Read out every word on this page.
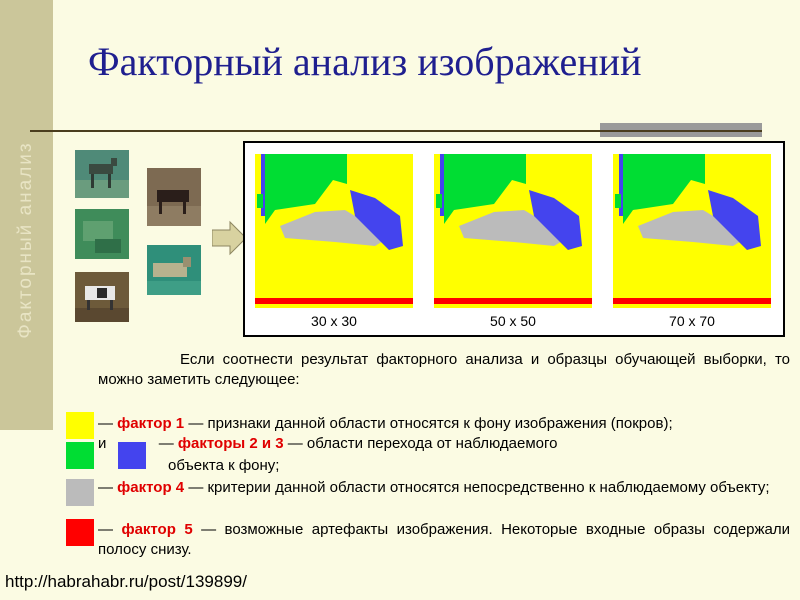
Факторный анализ
Факторный анализ изображений
30 x 30	50 x 50	70 x 70
Если соотнести результат факторного анализа и образцы обучающей выборки, то можно заметить следующее:
— фактор 1 — признаки данной области относятся к фону изображения (покров);
и	— факторы 2 и 3 — области перехода от наблюдаемого
объекта к фону;
— фактор 4 — критерии данной области относятся непосредственно к наблюдаемому объекту;
— фактор 5 — возможные артефакты изображения. Некоторые входные образы содержали полосу снизу.
http://habrahabr.ru/post/139899/
